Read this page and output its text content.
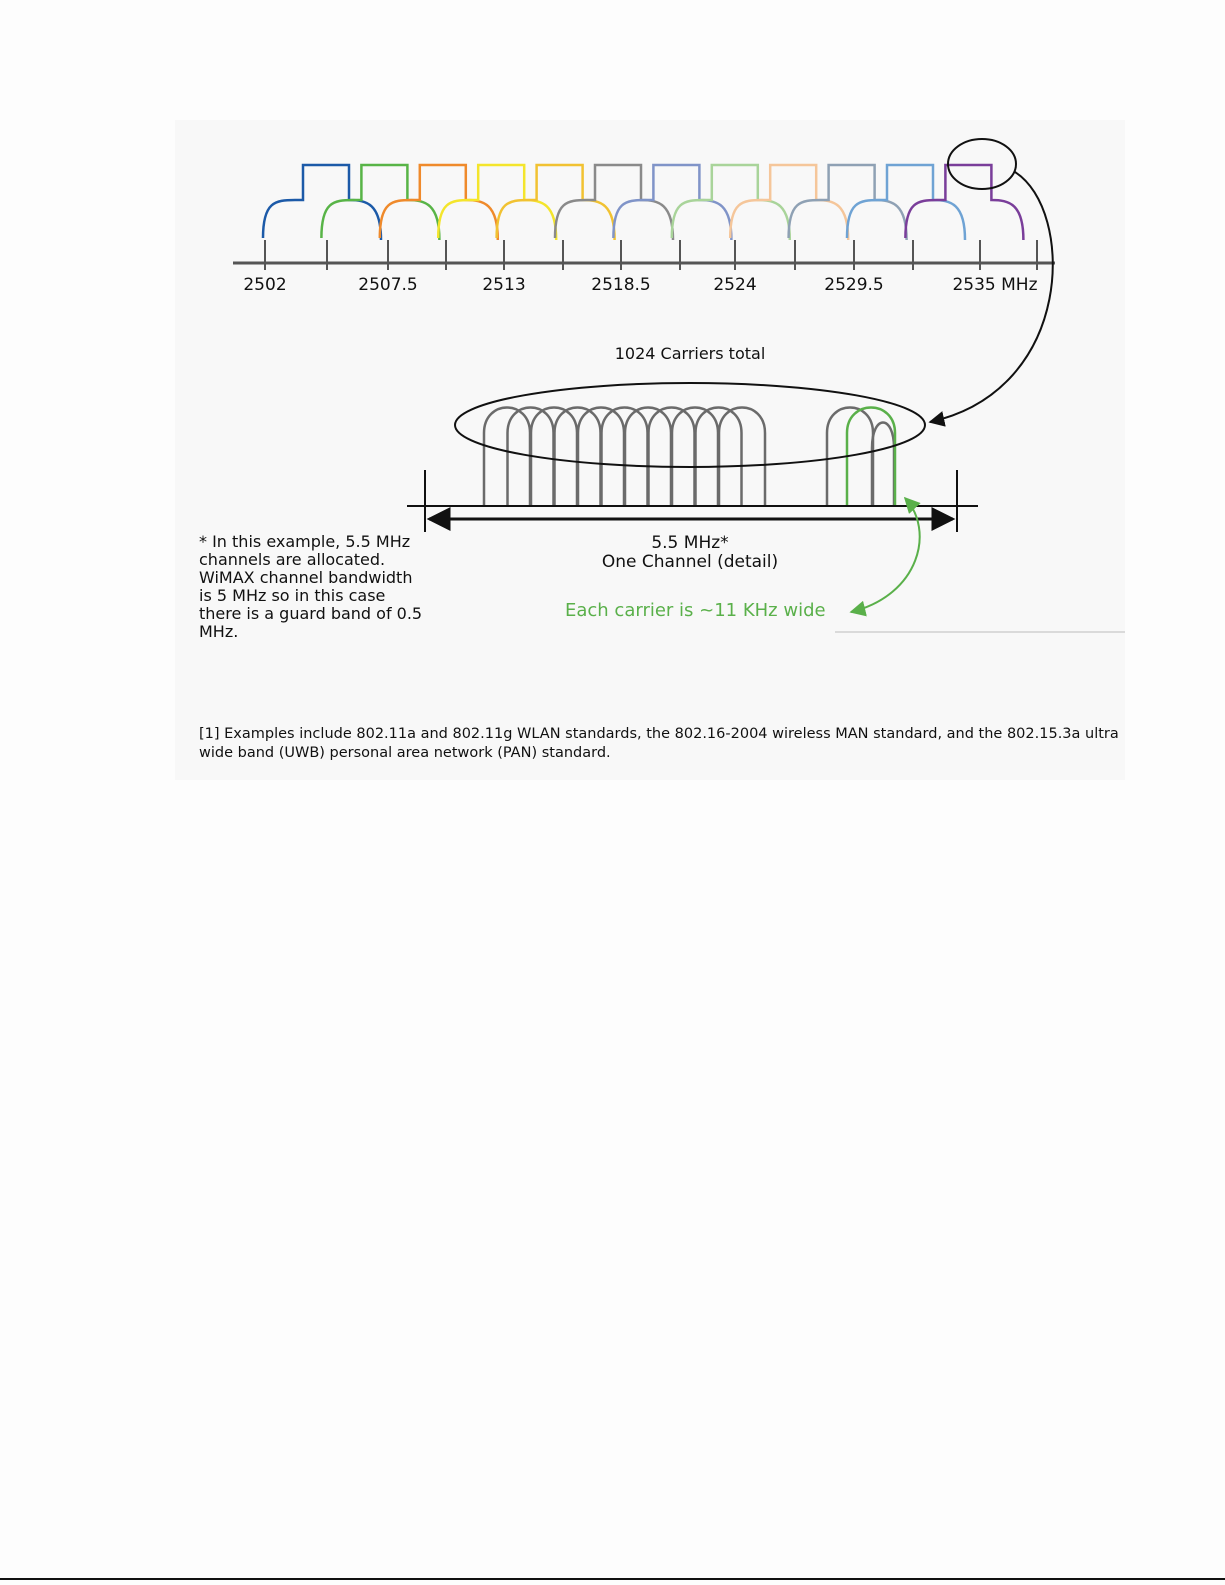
2502	2507.5	2513	2518.5	2524	2529.5	2535 MHz
1024 Carriers total
5.5 MHz*
One Channel (detail)
* In this example, 5.5 MHz channels are allocated. WiMAX channel bandwidth is 5 MHz so in this case there is a guard band of 0.5 MHz.
Each carrier is ~11 KHz wide
[1] Examples include 802.11a and 802.11g WLAN standards, the 802.16-2004 wireless MAN standard, and the 802.15.3a ultra wide band (UWB) personal area network (PAN) standard.
